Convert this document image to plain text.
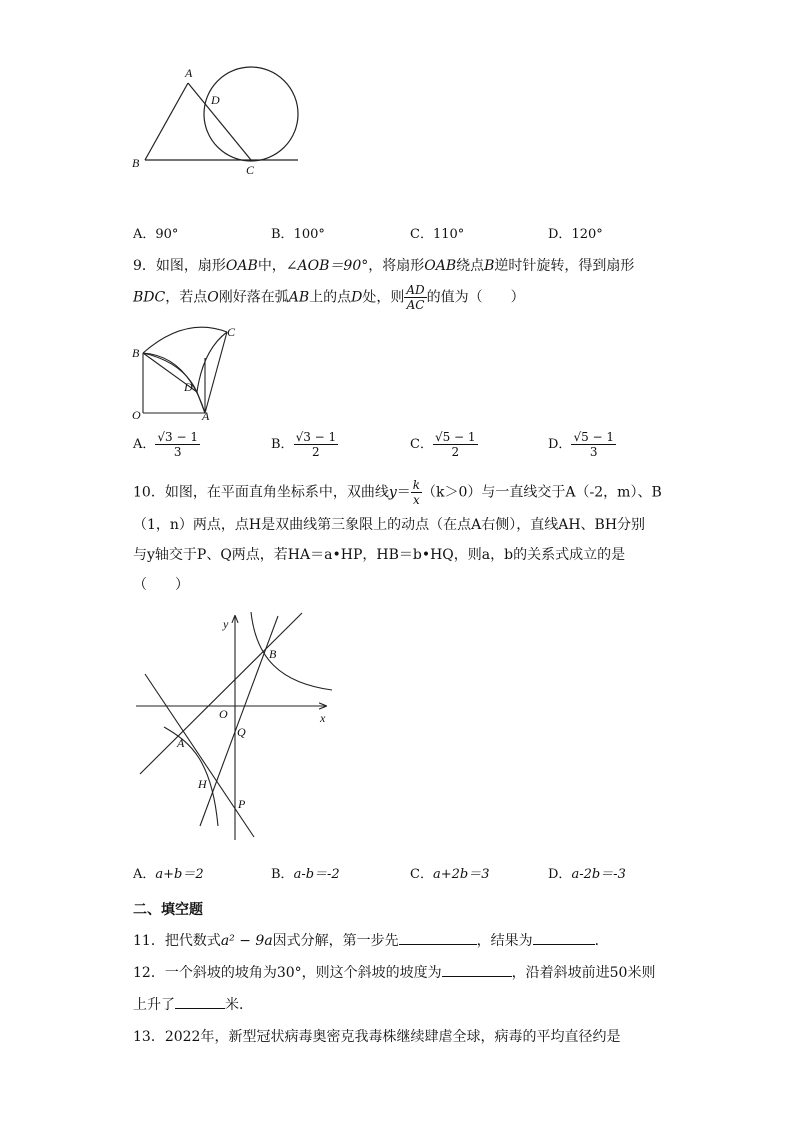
A
D
B	C
A．90°	B．100°	C．110°	D．120°
9．如图，扇形OAB中，∠AOB＝90°，将扇形OAB绕点B逆时针旋转，得到扇形
BDC，若点O刚好落在弧AB上的点D处，则 $\frac{AD}{AC}$ 的值为（　　）
B
C
D
O	A
A． $\frac{√3 - 1}{3}$	B． $\frac{√3 - 1}{2}$	C． $\frac{√5 - 1}{2}$	D． $\frac{√5 - 1}{3}$
10．如图，在平面直角坐标系中，双曲线$y= \frac{k}{x} (k>0)$与一直线交于A（-2，m）、B
（1，n）两点，点H是双曲线第三象限上的动点（在点A右侧），直线AH、BH分别
与y轴交于P、Q两点，若HA＝a•HP，HB＝b•HQ，则a，b的关系式成立的是
（　　）
y
B
O	x
Q
A
H
P
A．a+b＝2	B．a-b＝-2	C．a+2b＝3	D．a-2b＝-3
二、填空题
11．把代数式a² − 9a因式分解，第一步先	，结果为	．
12．一个斜坡的坡角为30°，则这个斜坡的坡度为	，沿着斜坡前进50米则
上升了	米．
13．2022年，新型冠状病毒奥密克我毒株继续肆虐全球，病毒的平均直径约是
